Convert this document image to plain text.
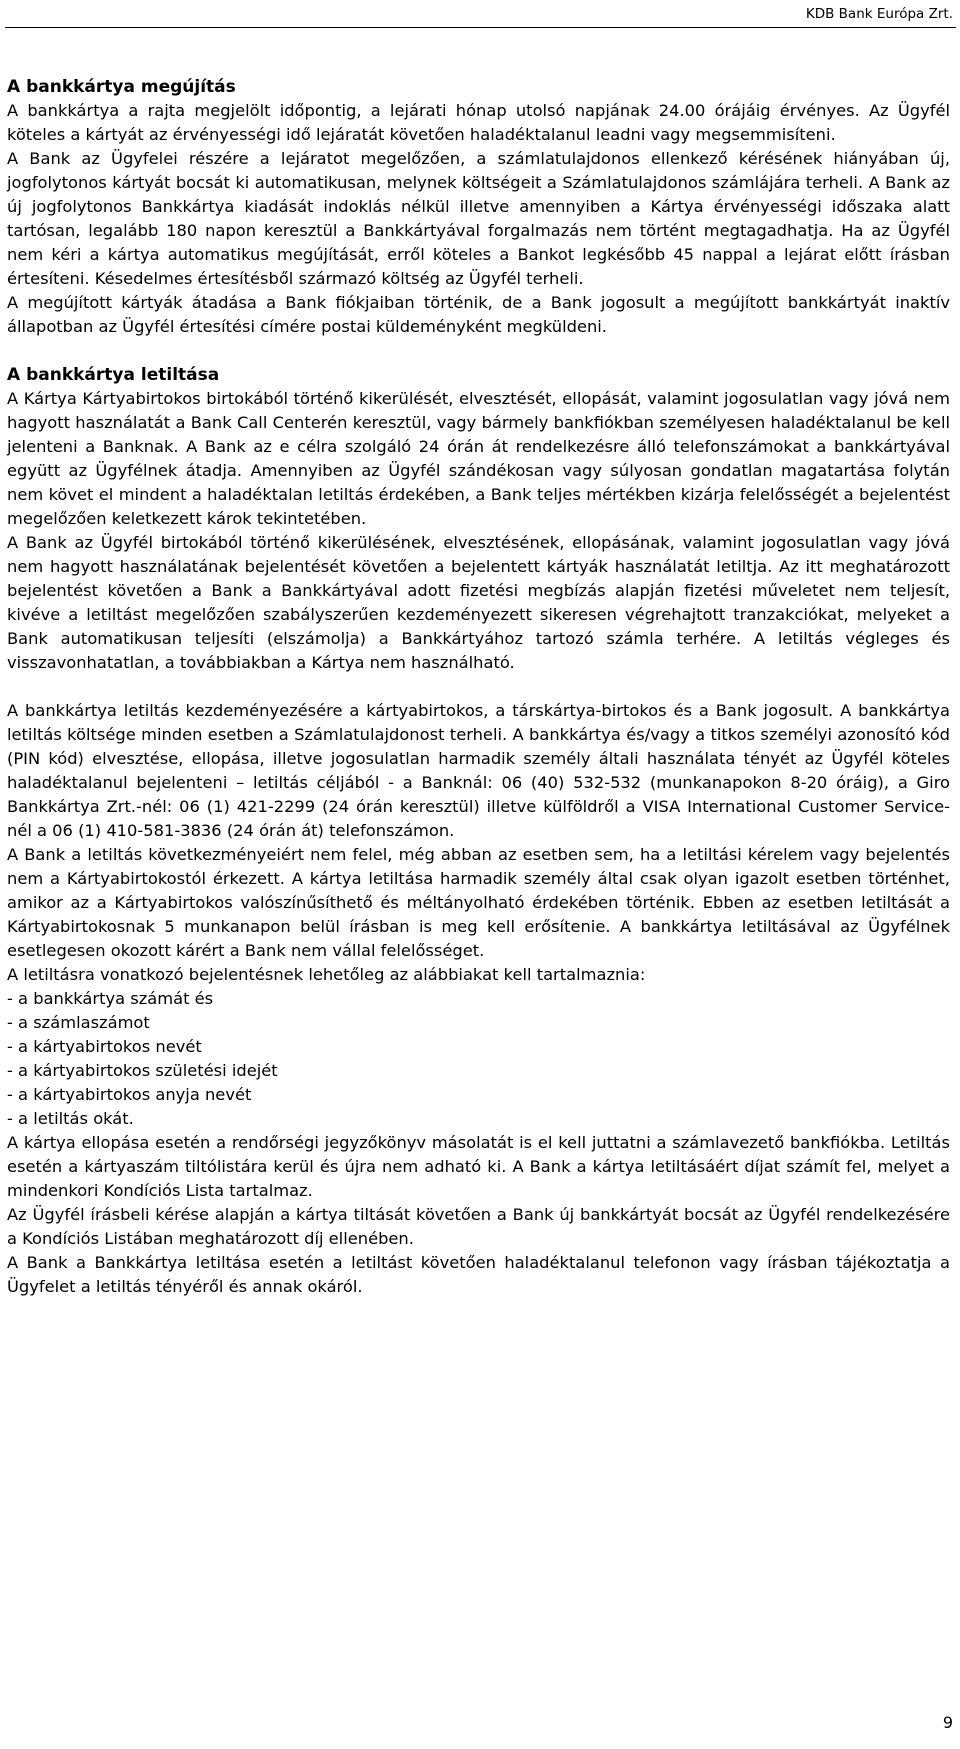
KDB Bank Európa Zrt.
A bankkártya megújítás

A bankkártya a rajta megjelölt időpontig, a lejárati hónap utolsó napjának 24.00 órájáig érvényes. Az Ügyfél köteles a kártyát az érvényességi idő lejáratát követően haladéktalanul leadni vagy megsemmisíteni.

A Bank az Ügyfelei részére a lejáratot megelőzően, a számlatulajdonos ellenkező kérésének hiányában új, jogfolytonos kártyát bocsát ki automatikusan, melynek költségeit a Számlatulajdonos számlájára terheli. A Bank az új jogfolytonos Bankkártya kiadását indoklás nélkül illetve amennyiben a Kártya érvényességi időszaka alatt tartósan, legalább 180 napon keresztül a Bankkártyával forgalmazás nem történt megtagadhatja. Ha az Ügyfél nem kéri a kártya automatikus megújítását, erről köteles a Bankot legkésőbb 45 nappal a lejárat előtt írásban értesíteni. Késedelmes értesítésből származó költség az Ügyfél terheli.

A megújított kártyák átadása a Bank fiókjaiban történik, de a Bank jogosult a megújított bankkártyát inaktív állapotban az Ügyfél értesítési címére postai küldeményként megküldeni.

A bankkártya letiltása

A Kártya Kártyabirtokos birtokából történő kikerülését, elvesztését, ellopását, valamint jogosulatlan vagy jóvá nem hagyott használatát a Bank Call Centerén keresztül, vagy bármely bankfiókban személyesen haladéktalanul be kell jelenteni a Banknak. A Bank az e célra szolgáló 24 órán át rendelkezésre álló telefonszámokat a bankkártyával együtt az Ügyfélnek átadja. Amennyiben az Ügyfél szándékosan vagy súlyosan gondatlan magatartása folytán nem követ el mindent a haladéktalan letiltás érdekében, a Bank teljes mértékben kizárja felelősségét a bejelentést megelőzően keletkezett károk tekintetében.

A Bank az Ügyfél birtokából történő kikerülésének, elvesztésének, ellopásának, valamint jogosulatlan vagy jóvá nem hagyott használatának bejelentését követően a bejelentett kártyák használatát letiltja. Az itt meghatározott bejelentést követően a Bank a Bankkártyával adott fizetési megbízás alapján fizetési műveletet nem teljesít, kivéve a letiltást megelőzően szabályszerűen kezdeményezett sikeresen végrehajtott tranzakciókat, melyeket a Bank automatikusan teljesíti (elszámolja) a Bankkártyához tartozó számla terhére. A letiltás végleges és visszavonhatatlan, a továbbiakban a Kártya nem használható.

A bankkártya letiltás kezdeményezésére a kártyabirtokos, a társkártya-birtokos és a Bank jogosult. A bankkártya letiltás költsége minden esetben a Számlatulajdonost terheli. A bankkártya és/vagy a titkos személyi azonosító kód (PIN kód) elvesztése, ellopása, illetve jogosulatlan harmadik személy általi használata tényét az Ügyfél köteles haladéktalanul bejelenteni – letiltás céljából - a Banknál: 06 (40) 532-532 (munkanapokon 8-20 óráig), a Giro Bankkártya Zrt.-nél: 06 (1) 421-2299 (24 órán keresztül) illetve külföldről a VISA International Customer Service-nél a 06 (1) 410-581-3836 (24 órán át) telefonszámon.

A Bank a letiltás következményeiért nem felel, még abban az esetben sem, ha a letiltási kérelem vagy bejelentés nem a Kártyabirtokostól érkezett. A kártya letiltása harmadik személy által csak olyan igazolt esetben történhet, amikor az a Kártyabirtokos valószínűsíthető és méltányolható érdekében történik. Ebben az esetben letiltását a Kártyabirtokosnak 5 munkanapon belül írásban is meg kell erősítenie. A bankkártya letiltásával az Ügyfélnek esetlegesen okozott kárért a Bank nem vállal felelősséget.

A letiltásra vonatkozó bejelentésnek lehetőleg az alábbiakat kell tartalmaznia:

- a bankkártya számát és
- a számlaszámot
- a kártyabirtokos nevét
- a kártyabirtokos születési idejét
- a kártyabirtokos anyja nevét
- a letiltás okát.

A kártya ellopása esetén a rendőrségi jegyzőkönyv másolatát is el kell juttatni a számlavezető bankfiókba. Letiltás esetén a kártyaszám tiltólistára kerül és újra nem adható ki. A Bank a kártya letiltásáért díjat számít fel, melyet a mindenkori Kondíciós Lista tartalmaz.

Az Ügyfél írásbeli kérése alapján a kártya tiltását követően a Bank új bankkártyát bocsát az Ügyfél rendelkezésére a Kondíciós Listában meghatározott díj ellenében.

A Bank a Bankkártya letiltása esetén a letiltást követően haladéktalanul telefonon vagy írásban tájékoztatja a Ügyfelet a letiltás tényéről és annak okáról.

9
